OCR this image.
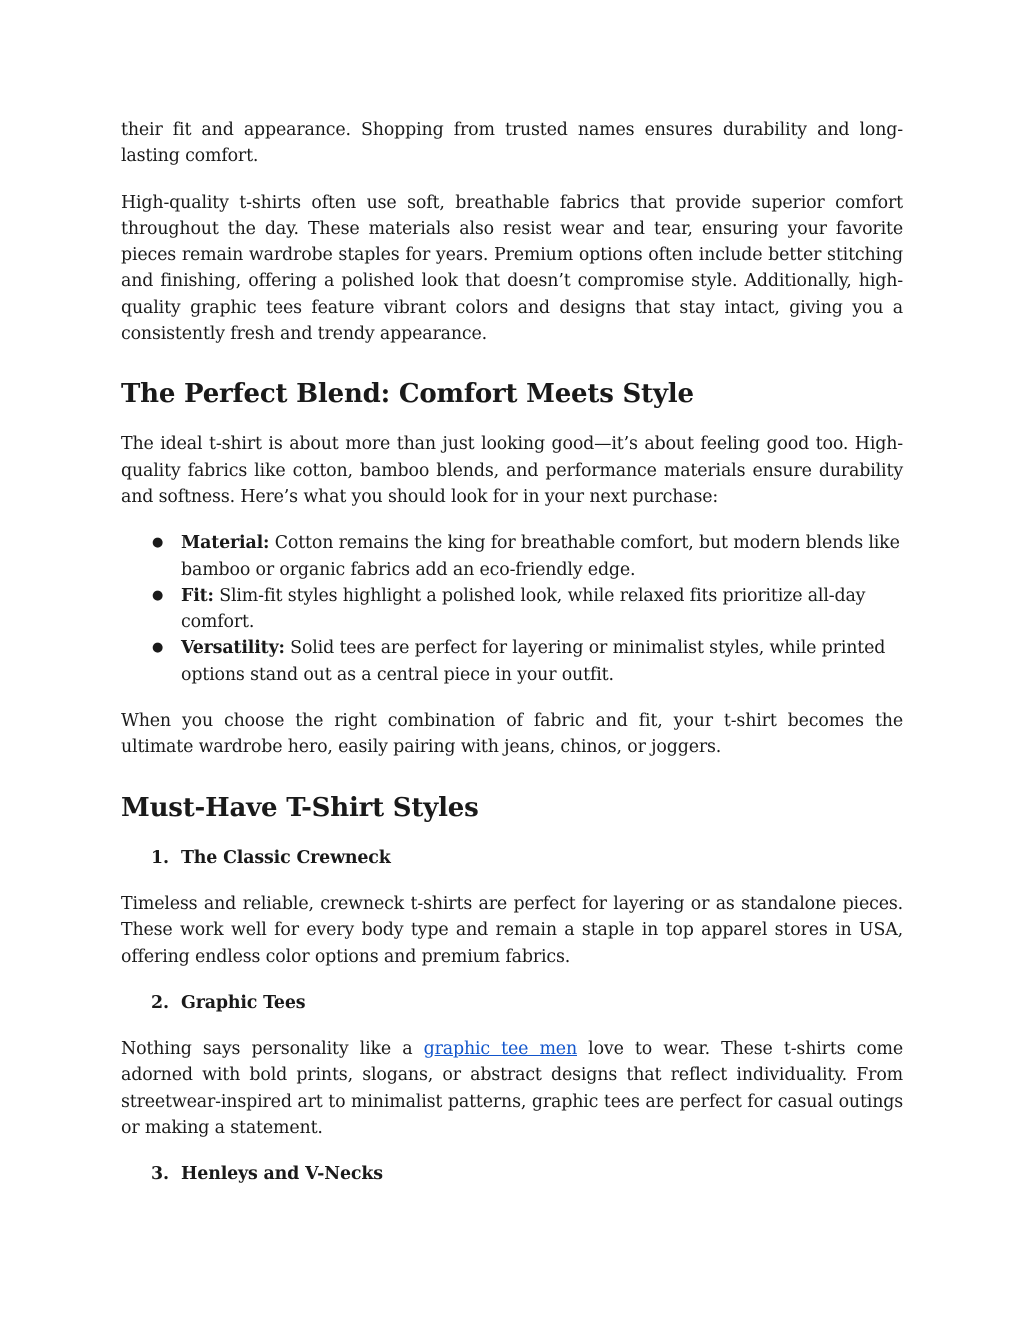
their fit and appearance. Shopping from trusted names ensures durability and long-lasting comfort.

High-quality t-shirts often use soft, breathable fabrics that provide superior comfort throughout the day. These materials also resist wear and tear, ensuring your favorite pieces remain wardrobe staples for years. Premium options often include better stitching and finishing, offering a polished look that doesn’t compromise style. Additionally, high-quality graphic tees feature vibrant colors and designs that stay intact, giving you a consistently fresh and trendy appearance.

The Perfect Blend: Comfort Meets Style

The ideal t-shirt is about more than just looking good—it’s about feeling good too. High-quality fabrics like cotton, bamboo blends, and performance materials ensure durability and softness. Here’s what you should look for in your next purchase:

● Material: Cotton remains the king for breathable comfort, but modern blends like bamboo or organic fabrics add an eco-friendly edge.
● Fit: Slim-fit styles highlight a polished look, while relaxed fits prioritize all-day comfort.
● Versatility: Solid tees are perfect for layering or minimalist styles, while printed options stand out as a central piece in your outfit.

When you choose the right combination of fabric and fit, your t-shirt becomes the ultimate wardrobe hero, easily pairing with jeans, chinos, or joggers.

Must-Have T-Shirt Styles
1. The Classic Crewneck

Timeless and reliable, crewneck t-shirts are perfect for layering or as standalone pieces. These work well for every body type and remain a staple in top apparel stores in USA, offering endless color options and premium fabrics.

2. Graphic Tees

Nothing says personality like a graphic tee men love to wear. These t-shirts come adorned with bold prints, slogans, or abstract designs that reflect individuality. From streetwear-inspired art to minimalist patterns, graphic tees are perfect for casual outings or making a statement.

3. Henleys and V-Necks
